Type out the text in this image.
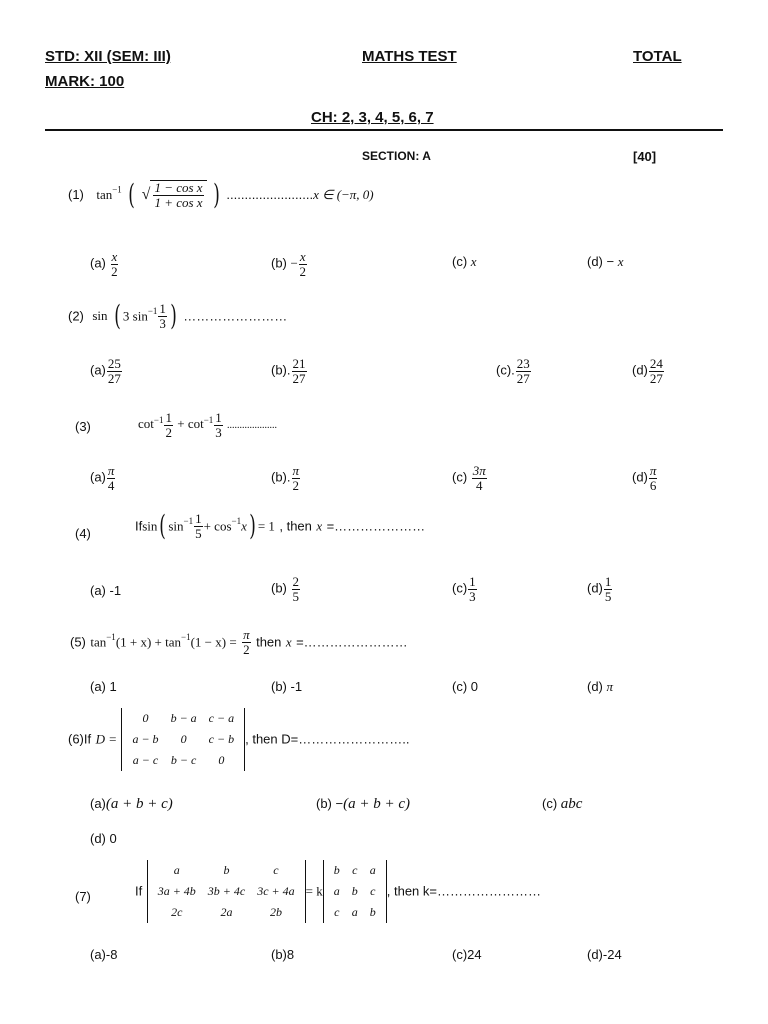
STD: XII (SEM: III)	MATHS TEST	TOTAL
MARK: 100
CH: 2, 3, 4, 5, 6, 7
SECTION: A	[40]
(1) $\tan^{-1}$ ( √ $\frac{\text{1 − cos x}}{\text{1 + cos x}}$ ) ........................x ∈ (−π, 0)
$(a) \frac{x}{2}$	$(b) - \frac{x}{2}$	(c) x	(d) − x
(2) sin ( 3 $\sin^{-1} \frac{1}{3}$ ) ……………………
$(a) \frac{25}{27}$	(b). $\frac{21}{27}$	(c). $\frac{23}{27}$	$(d) \frac{24}{27}$
(3)	$\cot^{-1} \frac{1}{2} + \cot^{-1} \frac{1}{3}$ ....................
$(a) \frac{\pi}{4}$	(b). $\frac{\pi}{2}$	$(c) \frac{3\pi}{4}$	$(d) \frac{\pi}{6}$
(4)
Ifsin( $\sin^{-1} \frac{1}{5} + \cos^{-1}x) = 1$ , then x =…………………
(a) -1	$(b) \frac{2}{5}$	$(c) \frac{1}{3}$	$(d) \frac{1}{5}$
(5) $\tan^{-1}(1 + x) + \tan^{-1}(1 - x) = \frac{\pi}{2}$ then x =……………………
(a) 1	(b) -1	(c) 0	(d) π
(6)If D =
0	b − a	c − a
a − b	0	c − b
a − c	b − c	0
, then D=……………………..
(a)(a + b + c)	(b) −(a + b + c)	(c) abc
(d) 0
(7)	If
a	b	c
3a + 4b	3b + 4c	3c + 4a
2c	2a	2b
= k
b	c	a
a	b	c
c	a	b
, then k=……………………
(a)-8	(b)8	(c)24	(d)-24
